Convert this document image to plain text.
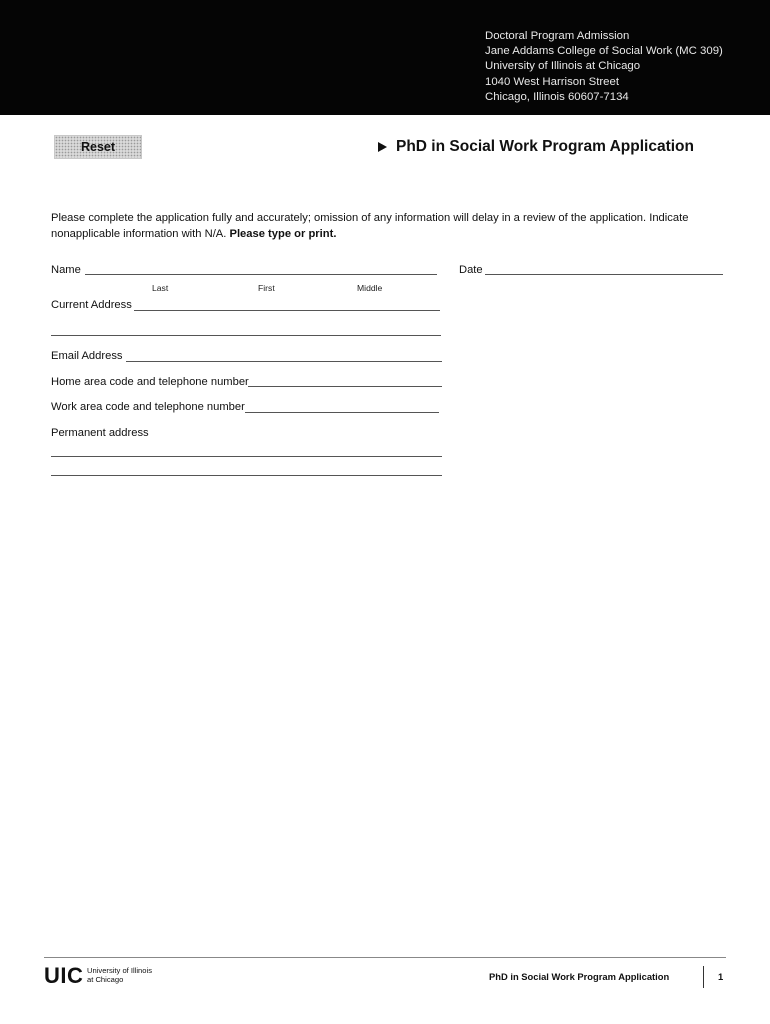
Doctoral Program Admission
Jane Addams College of Social Work (MC 309)
University of Illinois at Chicago
1040 West Harrison Street
Chicago, Illinois 60607-7134
Reset	PhD in Social Work Program Application

Please complete the application fully and accurately; omission of any information will delay in a review of the application. Indicate nonapplicable information with N/A. Please type or print.

Name
Last	First	Middle
Date
Current Address
Email Address
Home area code and telephone number
Work area code and telephone number
Permanent address
UIC University of Illinois
at Chicago	PhD in Social Work Program Application	1
